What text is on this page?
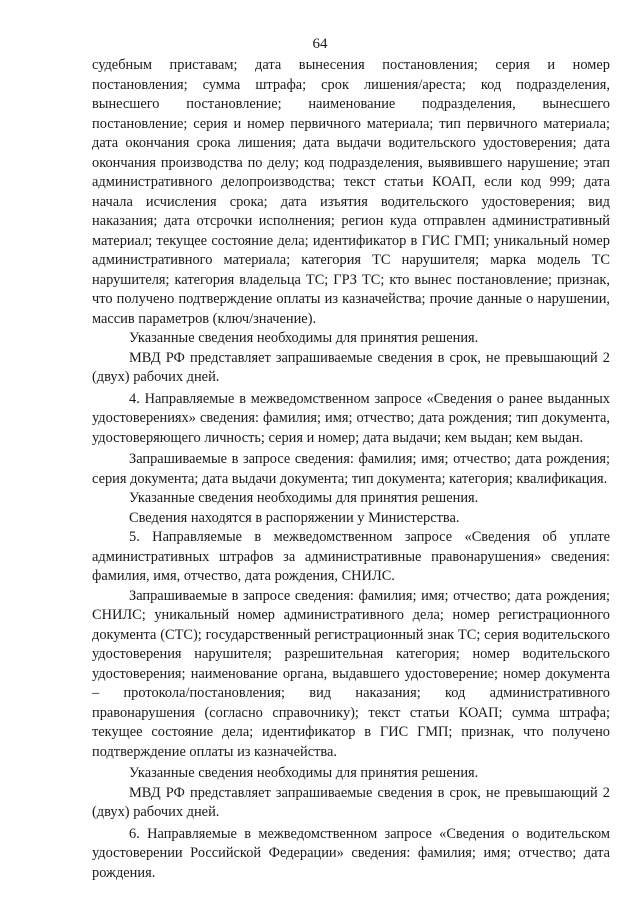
64

судебным приставам; дата вынесения постановления; серия и номер постановления; сумма штрафа; срок лишения/ареста; код подразделения, вынесшего постановление; наименование подразделения, вынесшего постановление; серия и номер первичного материала; тип первичного материала; дата окончания срока лишения; дата выдачи водительского удостоверения; дата окончания производства по делу; код подразделения, выявившего нарушение; этап административного делопроизводства; текст статьи КОАП, если код 999; дата начала исчисления срока; дата изъятия водительского удостоверения; вид наказания; дата отсрочки исполнения; регион куда отправлен административный материал; текущее состояние дела; идентификатор в ГИС ГМП; уникальный номер административного материала; категория ТС нарушителя; марка модель ТС нарушителя; категория владельца ТС; ГРЗ ТС; кто вынес постановление; признак, что получено подтверждение оплаты из казначейства; прочие данные о нарушении, массив параметров (ключ/значение).

Указанные сведения необходимы для принятия решения.

МВД РФ представляет запрашиваемые сведения в срок, не превышающий 2 (двух) рабочих дней.

4. Направляемые в межведомственном запросе «Сведения о ранее выданных удостоверениях» сведения: фамилия; имя; отчество; дата рождения; тип документа, удостоверяющего личность; серия и номер; дата выдачи; кем выдан; кем выдан.

Запрашиваемые в запросе сведения: фамилия; имя; отчество; дата рождения; серия документа; дата выдачи документа; тип документа; категория; квалификация.

Указанные сведения необходимы для принятия решения.

Сведения находятся в распоряжении у Министерства.

5. Направляемые в межведомственном запросе «Сведения об уплате административных штрафов за административные правонарушения» сведения: фамилия, имя, отчество, дата рождения, СНИЛС.

Запрашиваемые в запросе сведения: фамилия; имя; отчество; дата рождения; СНИЛС; уникальный номер административного дела; номер регистрационного документа (СТС); государственный регистрационный знак ТС; серия водительского удостоверения нарушителя; разрешительная категория; номер водительского удостоверения; наименование органа, выдавшего удостоверение; номер документа – протокола/постановления; вид наказания; код административного правонарушения (согласно справочнику); текст статьи КОАП; сумма штрафа; текущее состояние дела; идентификатор в ГИС ГМП; признак, что получено подтверждение оплаты из казначейства.

Указанные сведения необходимы для принятия решения.

МВД РФ представляет запрашиваемые сведения в срок, не превышающий 2 (двух) рабочих дней.

6. Направляемые в межведомственном запросе «Сведения о водительском удостоверении Российской Федерации» сведения: фамилия; имя; отчество; дата рождения.
